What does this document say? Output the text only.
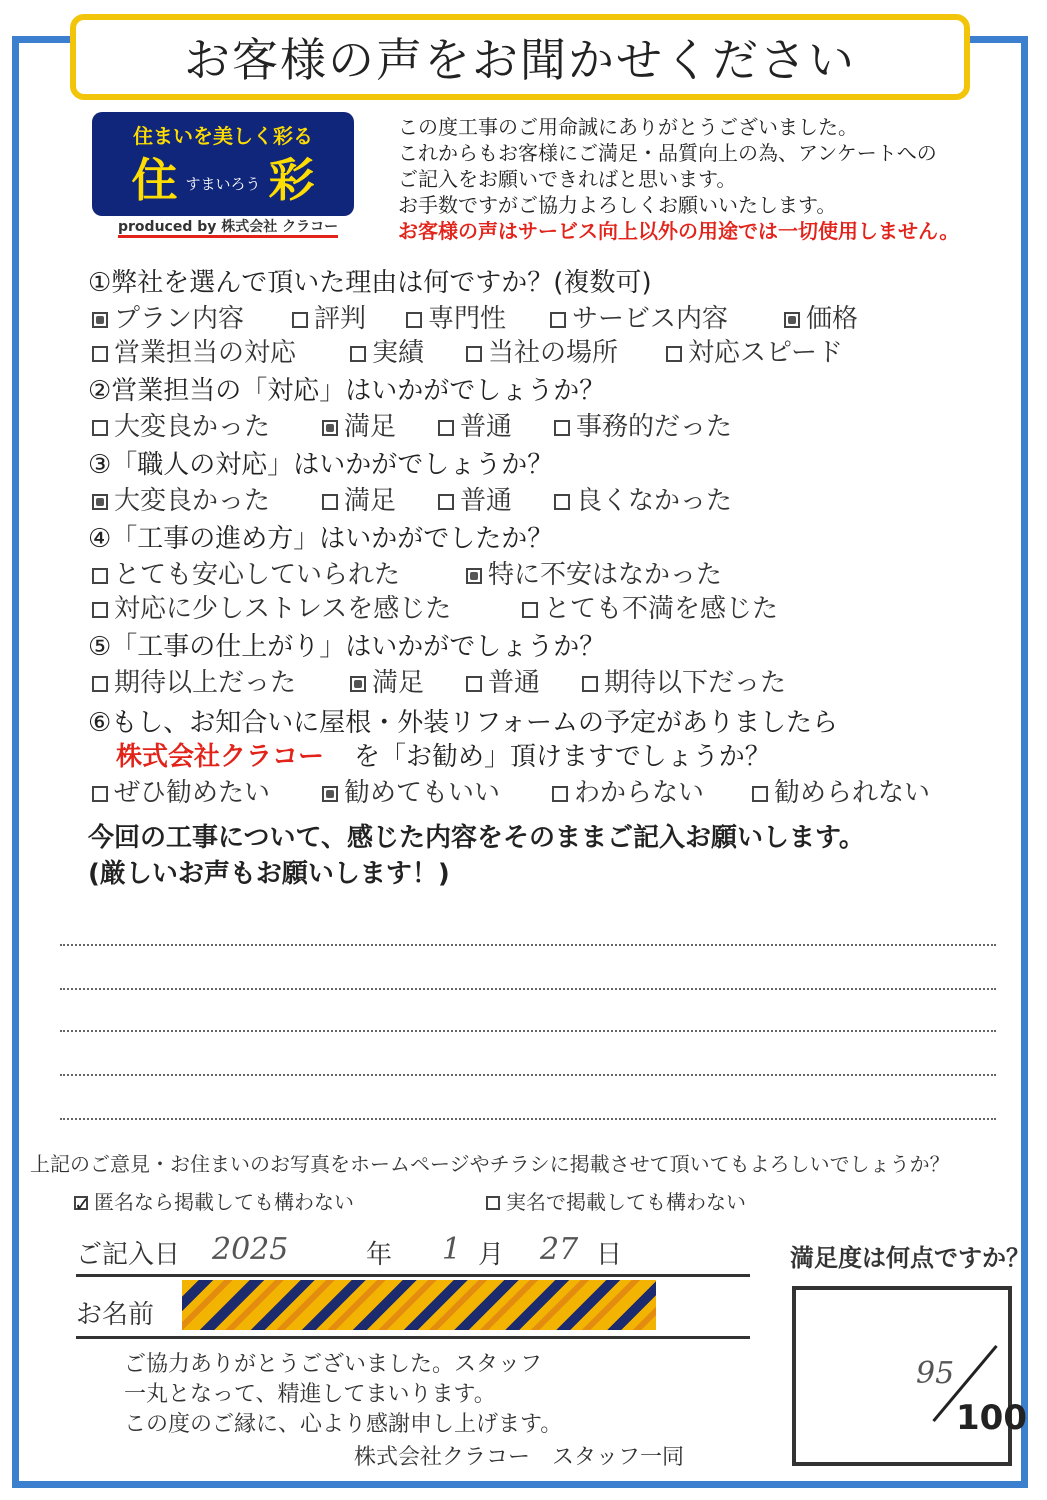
お客様の声をお聞かせください
住まいを美しく彩る
住すまいろう 彩
produced by 株式会社 クラコー
この度工事のご用命誠にありがとうございました。
これからもお客様にご満足・品質向上の為、アンケートへの
ご記入をお願いできればと思います。
お手数ですがご協力よろしくお願いいたします。
お客様の声はサービス向上以外の用途では一切使用しません。
①弊社を選んで頂いた理由は何ですか？(複数可)
プラン内容	評判	専門性	サービス内容	価格
営業担当の対応	実績	当社の場所	対応スピード
②営業担当の「対応」はいかがでしょうか？
大変良かった	満足	普通	事務的だった
③「職人の対応」はいかがでしょうか？
大変良かった	満足	普通	良くなかった
④「工事の進め方」はいかがでしたか？
とても安心していられた	特に不安はなかった
対応に少しストレスを感じた	とても不満を感じた
⑤「工事の仕上がり」はいかがでしょうか？
期待以上だった	満足	普通	期待以下だった
⑥もし、お知合いに屋根・外装リフォームの予定がありましたら
株式会社クラコー を「お勧め」頂けますでしょうか？
ぜひ勧めたい	勧めてもいい	わからない	勧められない
今回の工事について、感じた内容をそのままご記入お願いします。
(厳しいお声もお願いします！)
上記のご意見・お住まいのお写真をホームページやチラシに掲載させて頂いてもよろしいでしょうか？
✓ 匿名なら掲載しても構わない	実名で掲載しても構わない
ご記入日 2025	年 1 月 27 日
お名前
満足度は何点ですか？
95
100
ご協力ありがとうございました。スタッフ
一丸となって、精進してまいります。
この度のご縁に、心より感謝申し上げます。
株式会社クラコー　スタッフ一同
